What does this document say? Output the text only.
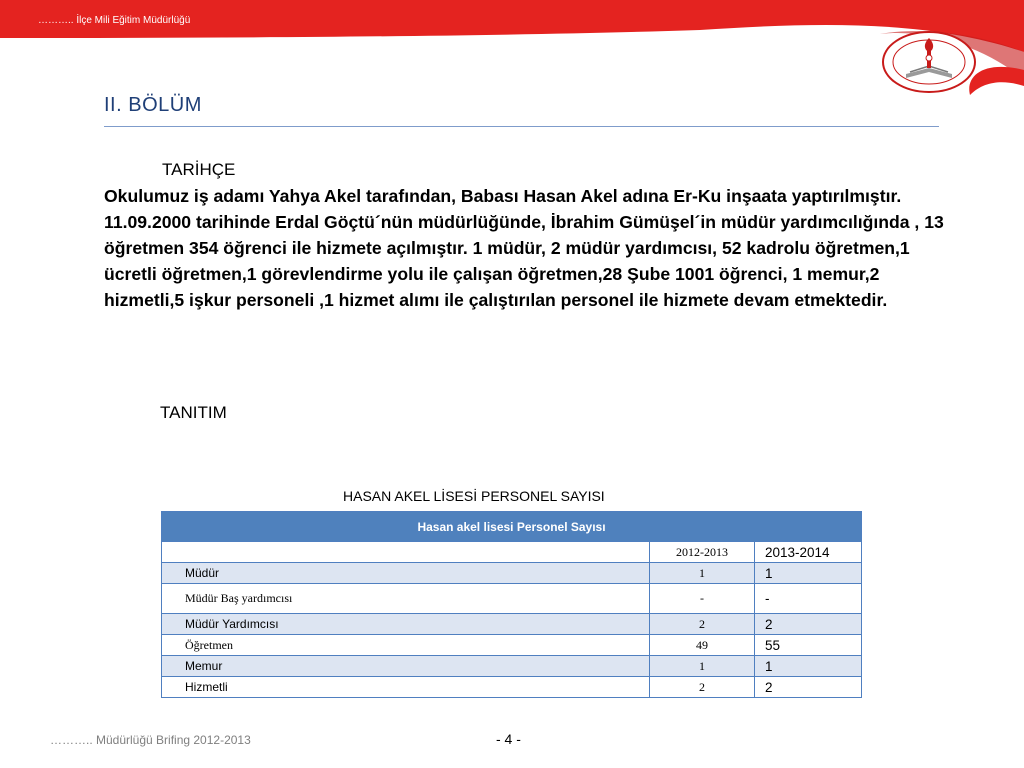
……….. İlçe Mili Eğitim Müdürlüğü
II. BÖLÜM
TARİHÇE
Okulumuz iş adamı Yahya Akel tarafından, Babası Hasan Akel adına Er-Ku inşaata yaptırılmıştır. 11.09.2000 tarihinde Erdal Göçtü´nün müdürlüğünde, İbrahim Gümüşel´in müdür yardımcılığında , 13 öğretmen 354 öğrenci ile hizmete açılmıştır. 1 müdür, 2 müdür yardımcısı, 52 kadrolu öğretmen,1 ücretli öğretmen,1 görevlendirme yolu ile çalışan öğretmen,28 Şube 1001 öğrenci, 1 memur,2 hizmetli,5 işkur personeli ,1 hizmet alımı ile çalıştırılan personel ile hizmete devam etmektedir.
TANITIM
HASAN AKEL LİSESİ PERSONEL SAYISI
Hasan akel lisesi Personel Sayısı		
	2012-2013	2013-2014
Müdür	1	1
Müdür Baş yardımcısı	-	-
Müdür Yardımcısı	2	2
Öğretmen	49	55
Memur	1	1
Hizmetli	2	2
……….. Müdürlüğü Brifing 2012-2013	- 4 -
